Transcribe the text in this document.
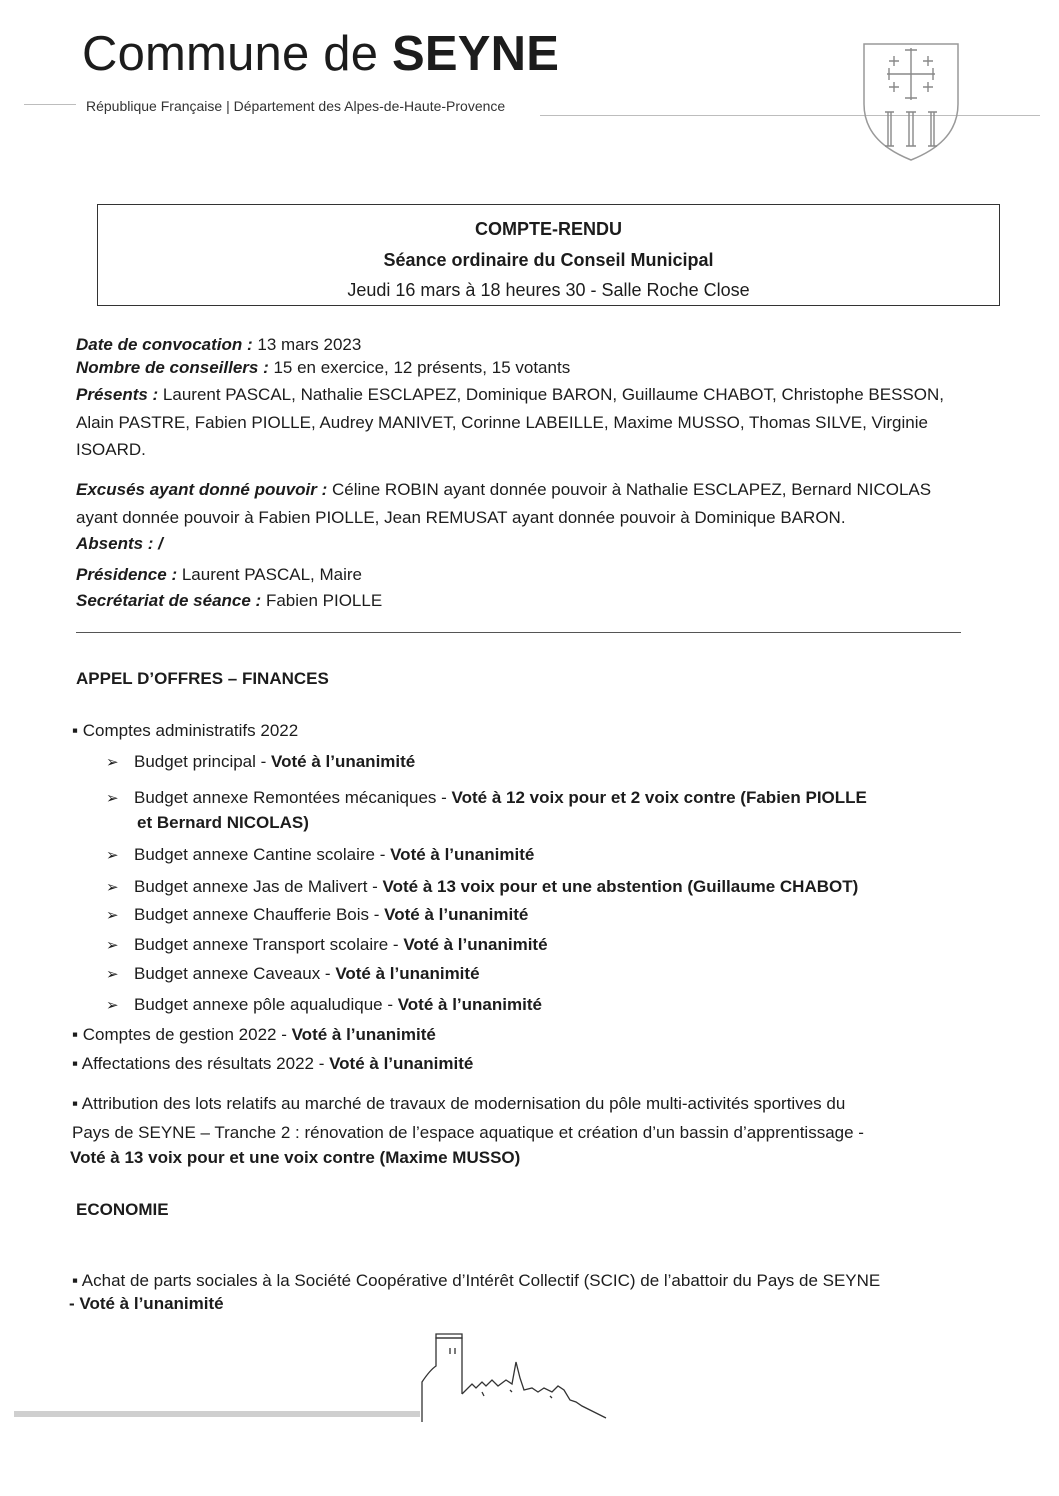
Commune de SEYNE
République Française | Département des Alpes-de-Haute-Provence
COMPTE-RENDU
Séance ordinaire du Conseil Municipal
Jeudi 16 mars à 18 heures 30 - Salle Roche Close
Date de convocation : 13 mars 2023
Nombre de conseillers : 15 en exercice, 12 présents, 15 votants
Présents : Laurent PASCAL, Nathalie ESCLAPEZ, Dominique BARON, Guillaume CHABOT, Christophe BESSON,
Alain PASTRE, Fabien PIOLLE, Audrey MANIVET, Corinne LABEILLE, Maxime MUSSO, Thomas SILVE, Virginie
ISOARD.
Excusés ayant donné pouvoir : Céline ROBIN ayant donnée pouvoir à Nathalie ESCLAPEZ, Bernard NICOLAS
ayant donnée pouvoir à Fabien PIOLLE, Jean REMUSAT ayant donnée pouvoir à Dominique BARON.
Absents : /
Présidence : Laurent PASCAL, Maire
Secrétariat de séance : Fabien PIOLLE
APPEL D’OFFRES – FINANCES
▪ Comptes administratifs 2022
➢ Budget principal - Voté à l’unanimité
➢ Budget annexe Remontées mécaniques - Voté à 12 voix pour et 2 voix contre (Fabien PIOLLE
et Bernard NICOLAS)
➢ Budget annexe Cantine scolaire - Voté à l’unanimité
➢ Budget annexe Jas de Malivert - Voté à 13 voix pour et une abstention (Guillaume CHABOT)
➢ Budget annexe Chaufferie Bois - Voté à l’unanimité
➢ Budget annexe Transport scolaire - Voté à l’unanimité
➢ Budget annexe Caveaux - Voté à l’unanimité
➢ Budget annexe pôle aqualudique - Voté à l’unanimité
▪ Comptes de gestion 2022 - Voté à l’unanimité
▪ Affectations des résultats 2022 - Voté à l’unanimité
▪ Attribution des lots relatifs au marché de travaux de modernisation du pôle multi-activités sportives du
Pays de SEYNE – Tranche 2 : rénovation de l’espace aquatique et création d’un bassin d’apprentissage -
Voté à 13 voix pour et une voix contre (Maxime MUSSO)
ECONOMIE
▪ Achat de parts sociales à la Société Coopérative d’Intérêt Collectif (SCIC) de l’abattoir du Pays de SEYNE
- Voté à l’unanimité
